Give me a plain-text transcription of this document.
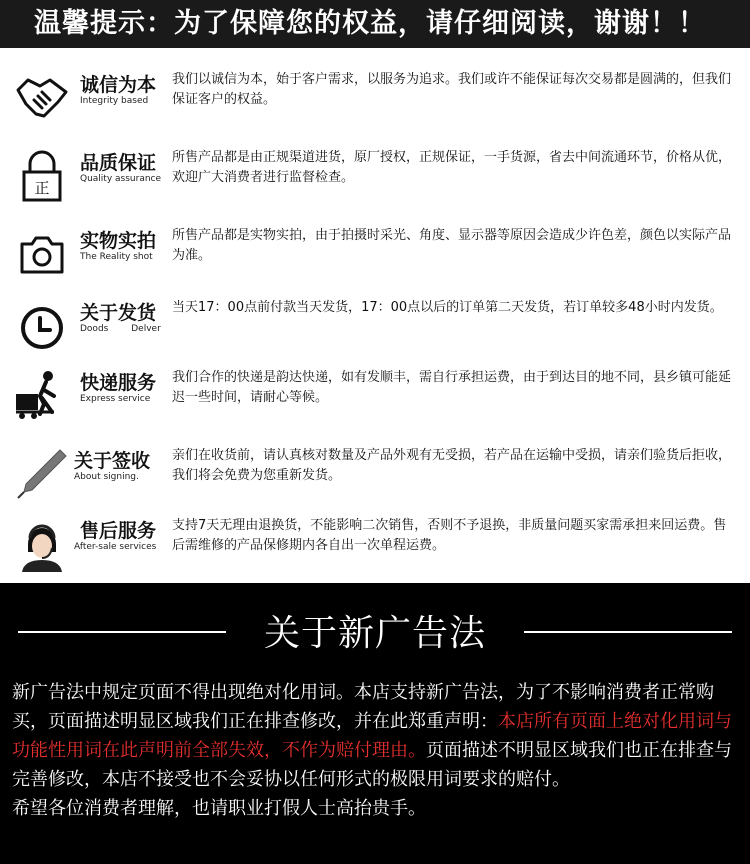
温馨提示：为了保障您的权益，请仔细阅读，谢谢！！
诚信为本
Integrity based
我们以诚信为本，始于客户需求，以服务为追求。我们或许不能保证每次交易都是圆满的，但我们保证客户的权益。
正
品质保证
Quality assurance
所售产品都是由正规渠道进货，原厂授权，正规保证，一手货源，省去中间流通环节，价格从优，欢迎广大消费者进行监督检查。
实物实拍
The Reality shot
所售产品都是实物实拍，由于拍摄时采光、角度、显示器等原因会造成少许色差，颜色以实际产品为准。
关于发货
Doods        Delver
当天17：00点前付款当天发货，17：00点以后的订单第二天发货，若订单较多48小时内发货。
快递服务
Express service
我们合作的快递是韵达快递，如有发顺丰，需自行承担运费，由于到达目的地不同，县乡镇可能延迟一些时间，请耐心等候。
关于签收
About signing.
亲们在收货前，请认真核对数量及产品外观有无受损，若产品在运输中受损，请亲们验货后拒收，我们将会免费为您重新发货。
售后服务
After-sale services
支持7天无理由退换货，不能影响二次销售，否则不予退换，非质量问题买家需承担来回运费。售后需维修的产品保修期内各自出一次单程运费。
关于新广告法
新广告法中规定页面不得出现绝对化用词。本店支持新广告法，为了不影响消费者正常购买，页面描述明显区域我们正在排查修改，并在此郑重声明：本店所有页面上绝对化用词与功能性用词在此声明前全部失效，不作为赔付理由。页面描述不明显区域我们也正在排查与完善修改，本店不接受也不会妥协以任何形式的极限用词要求的赔付。
希望各位消费者理解，也请职业打假人士高抬贵手。
